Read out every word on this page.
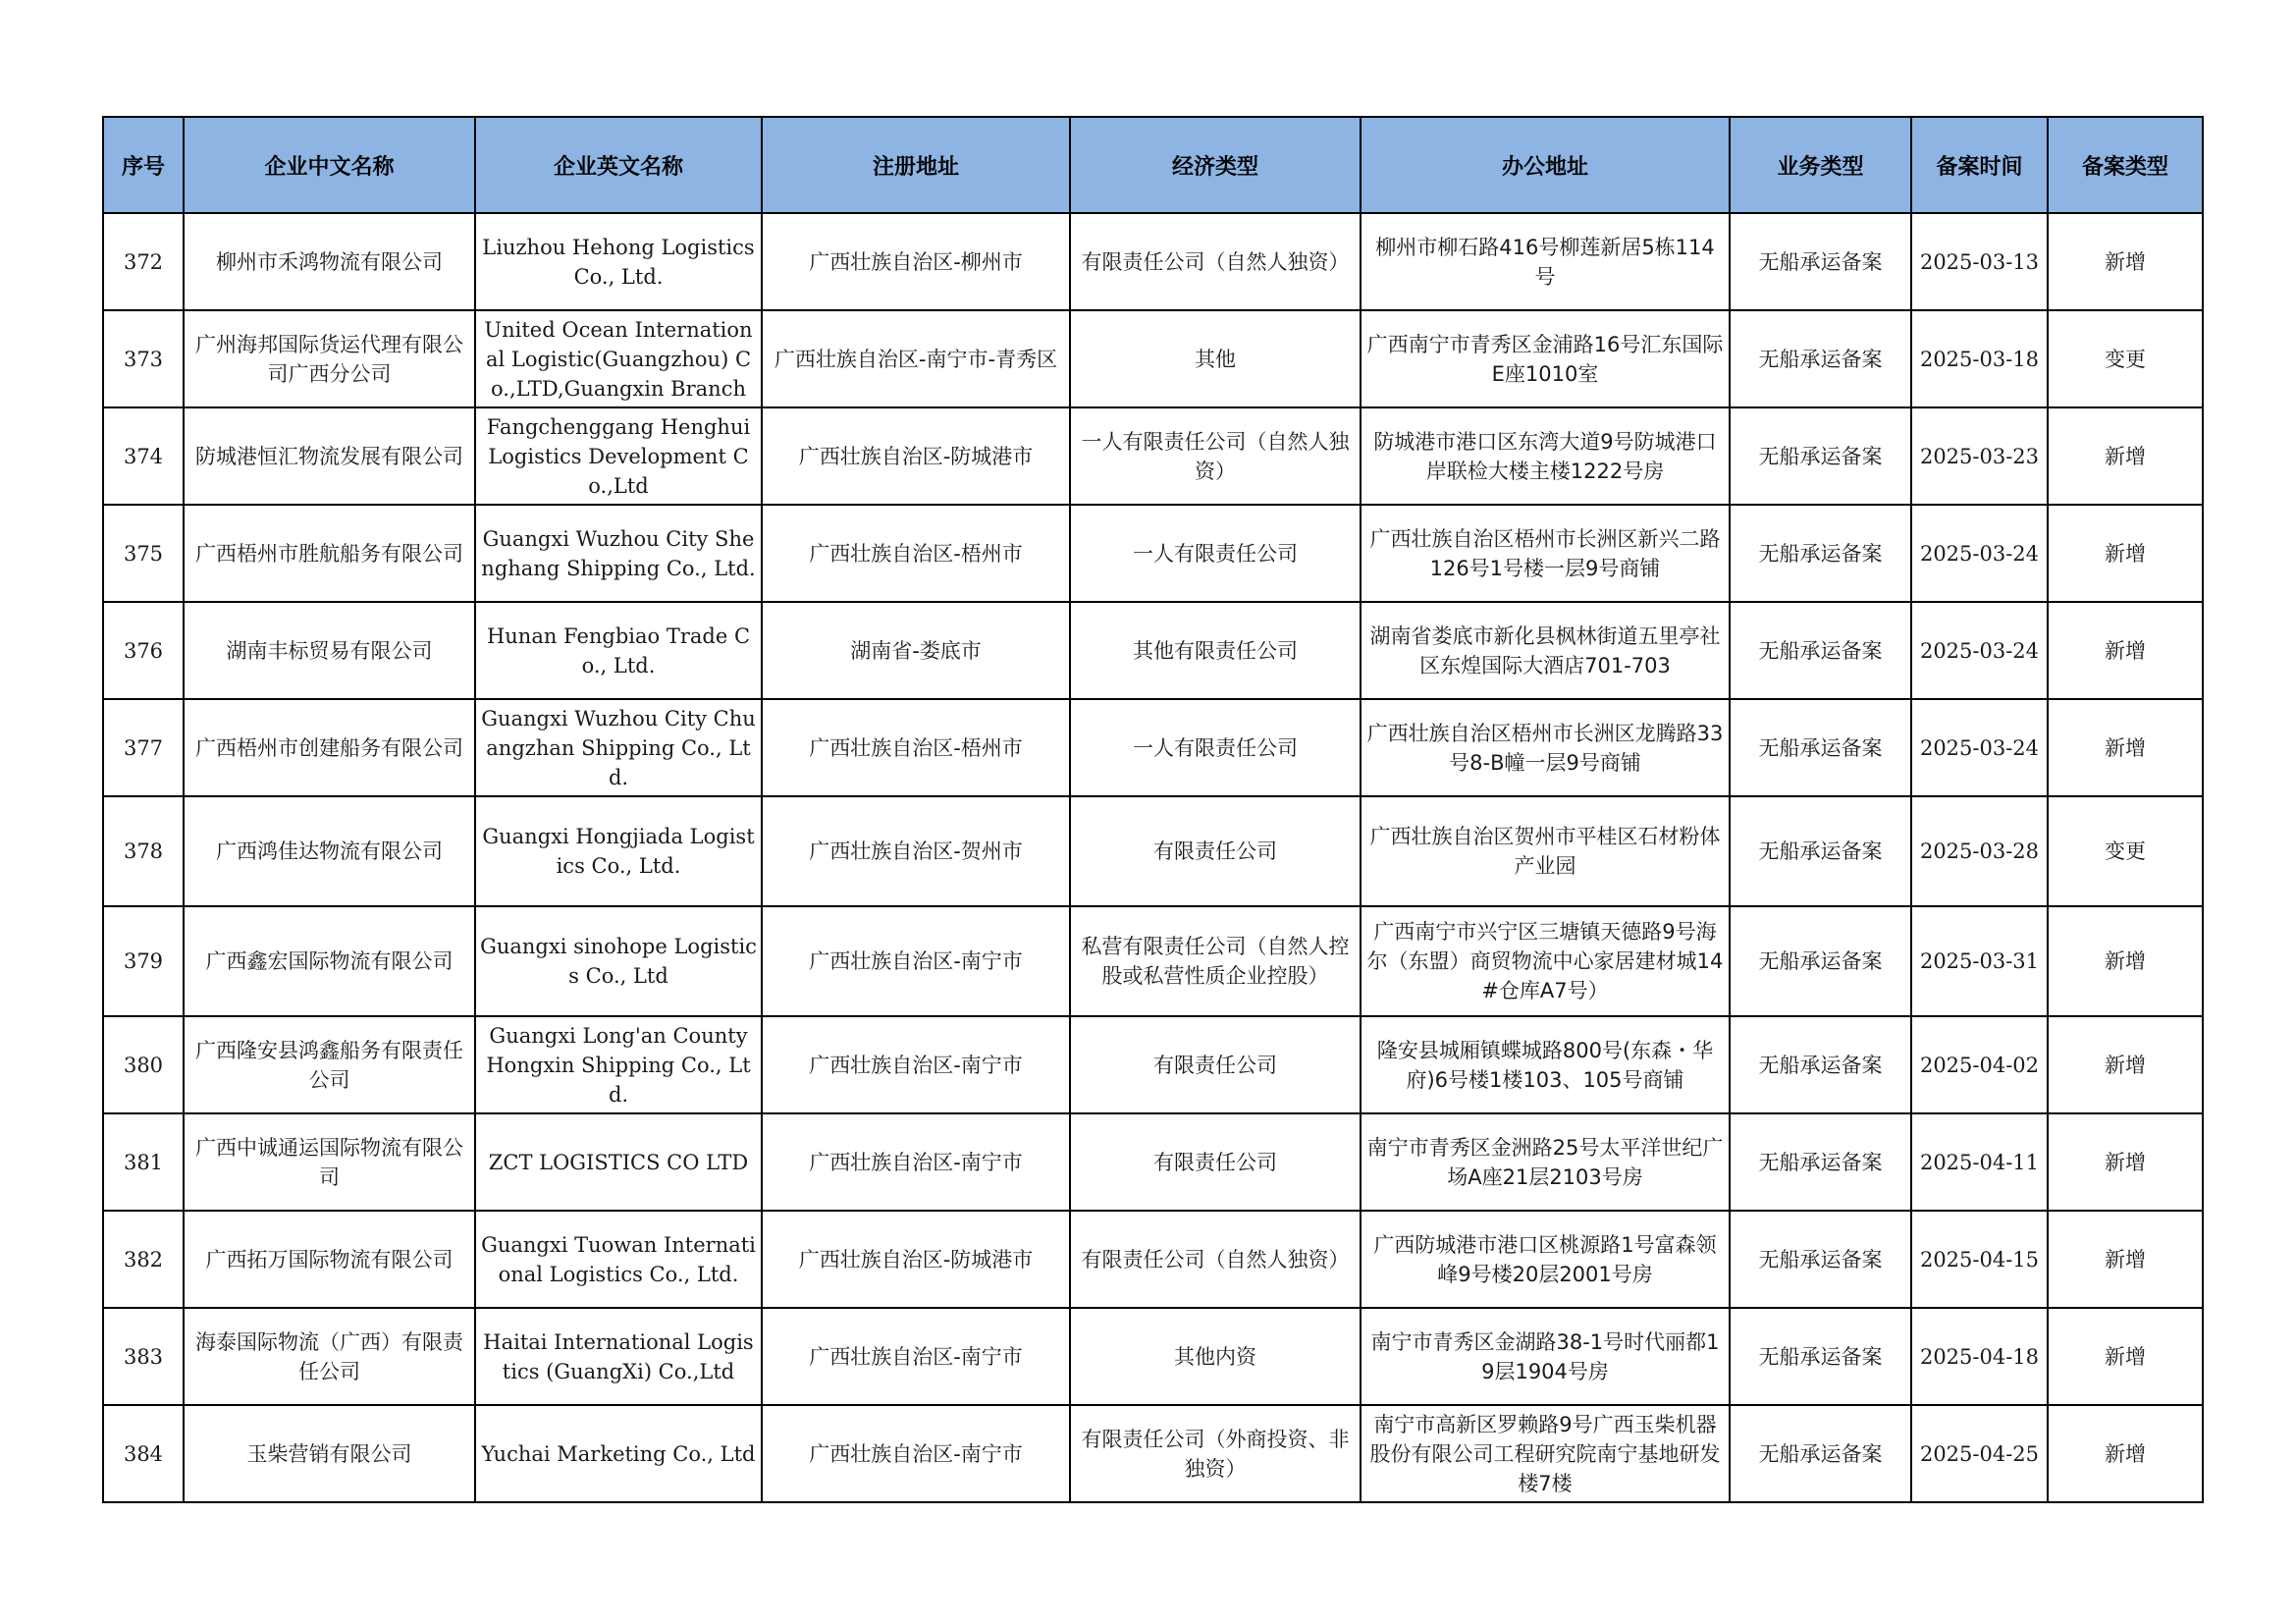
序号	企业中文名称	企业英文名称	注册地址	经济类型	办公地址	业务类型	备案时间	备案类型
372	柳州市禾鸿物流有限公司	Liuzhou Hehong Logistics Co., Ltd.	广西壮族自治区-柳州市	有限责任公司（自然人独资）	柳州市柳石路416号柳莲新居5栋114号	无船承运备案	2025-03-13	新增
373	广州海邦国际货运代理有限公司广西分公司	United Ocean International Logistic(Guangzhou) Co.,LTD,Guangxin Branch	广西壮族自治区-南宁市-青秀区	其他	广西南宁市青秀区金浦路16号汇东国际E座1010室	无船承运备案	2025-03-18	变更
374	防城港恒汇物流发展有限公司	Fangchenggang Henghui Logistics Development Co.,Ltd	广西壮族自治区-防城港市	一人有限责任公司（自然人独资）	防城港市港口区东湾大道9号防城港口岸联检大楼主楼1222号房	无船承运备案	2025-03-23	新增
375	广西梧州市胜航船务有限公司	Guangxi Wuzhou City Shenghang Shipping Co., Ltd.	广西壮族自治区-梧州市	一人有限责任公司	广西壮族自治区梧州市长洲区新兴二路126号1号楼一层9号商铺	无船承运备案	2025-03-24	新增
376	湖南丰标贸易有限公司	Hunan Fengbiao Trade Co., Ltd.	湖南省-娄底市	其他有限责任公司	湖南省娄底市新化县枫林街道五里亭社区东煌国际大酒店701-703	无船承运备案	2025-03-24	新增
377	广西梧州市创建船务有限公司	Guangxi Wuzhou City Chuangzhan Shipping Co., Ltd.	广西壮族自治区-梧州市	一人有限责任公司	广西壮族自治区梧州市长洲区龙腾路33号8-B幢一层9号商铺	无船承运备案	2025-03-24	新增
378	广西鸿佳达物流有限公司	Guangxi Hongjiada Logistics Co., Ltd.	广西壮族自治区-贺州市	有限责任公司	广西壮族自治区贺州市平桂区石材粉体产业园	无船承运备案	2025-03-28	变更
379	广西鑫宏国际物流有限公司	Guangxi sinohope Logistics Co., Ltd	广西壮族自治区-南宁市	私营有限责任公司（自然人控股或私营性质企业控股）	广西南宁市兴宁区三塘镇天德路9号海尔（东盟）商贸物流中心家居建材城14#仓库A7号）	无船承运备案	2025-03-31	新增
380	广西隆安县鸿鑫船务有限责任公司	Guangxi Long'an County Hongxin Shipping Co., Ltd.	广西壮族自治区-南宁市	有限责任公司	隆安县城厢镇蝶城路800号(东森・华府)6号楼1楼103、105号商铺	无船承运备案	2025-04-02	新增
381	广西中诚通运国际物流有限公司	ZCT LOGISTICS CO LTD	广西壮族自治区-南宁市	有限责任公司	南宁市青秀区金洲路25号太平洋世纪广场A座21层2103号房	无船承运备案	2025-04-11	新增
382	广西拓万国际物流有限公司	Guangxi Tuowan International Logistics Co., Ltd.	广西壮族自治区-防城港市	有限责任公司（自然人独资）	广西防城港市港口区桃源路1号富森领峰9号楼20层2001号房	无船承运备案	2025-04-15	新增
383	海泰国际物流（广西）有限责任公司	Haitai International Logistics (GuangXi) Co.,Ltd	广西壮族自治区-南宁市	其他内资	南宁市青秀区金湖路38-1号时代丽都19层1904号房	无船承运备案	2025-04-18	新增
384	玉柴营销有限公司	Yuchai Marketing Co., Ltd	广西壮族自治区-南宁市	有限责任公司（外商投资、非独资）	南宁市高新区罗赖路9号广西玉柴机器股份有限公司工程研究院南宁基地研发楼7楼	无船承运备案	2025-04-25	新增
